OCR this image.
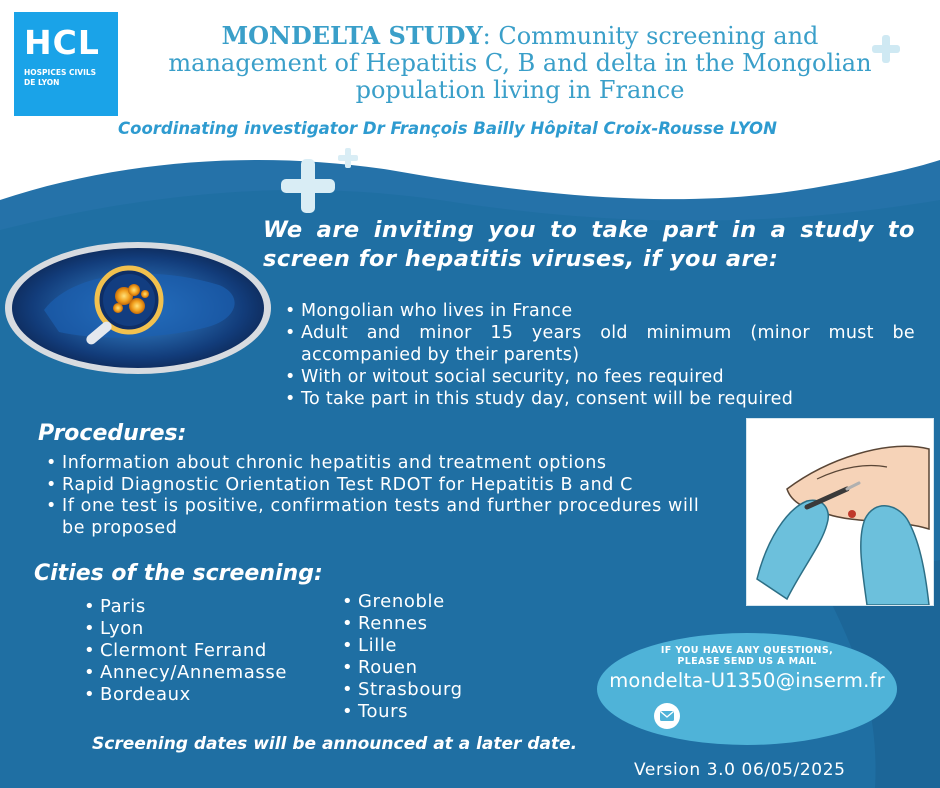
HCL
HOSPICES CIVILS
DE LYON
MONDELTA STUDY: Community screening and management of Hepatitis C, B and delta in the Mongolian population living in France
Coordinating investigator Dr François Bailly Hôpital Croix-Rousse LYON
We are inviting you to take part in a study to screen for hepatitis viruses, if you are:
• Mongolian who lives in France
• Adult and minor 15 years old minimum (minor must be accompanied by their parents)
• With or witout social security, no fees required
• To take part in this study day, consent will be required
Procedures:
• Information about chronic hepatitis and treatment options
• Rapid Diagnostic Orientation Test RDOT for Hepatitis B and C
• If one test is positive, confirmation tests and further procedures will be proposed
Cities of the screening:
• Paris
• Lyon
• Clermont Ferrand
• Annecy/Annemasse
• Bordeaux
• Grenoble
• Rennes
• Lille
• Rouen
• Strasbourg
• Tours
IF YOU HAVE ANY QUESTIONS,
PLEASE SEND US A MAIL
mondelta-U1350@inserm.fr
Screening dates will be announced at a later date.
Version 3.0 06/05/2025
